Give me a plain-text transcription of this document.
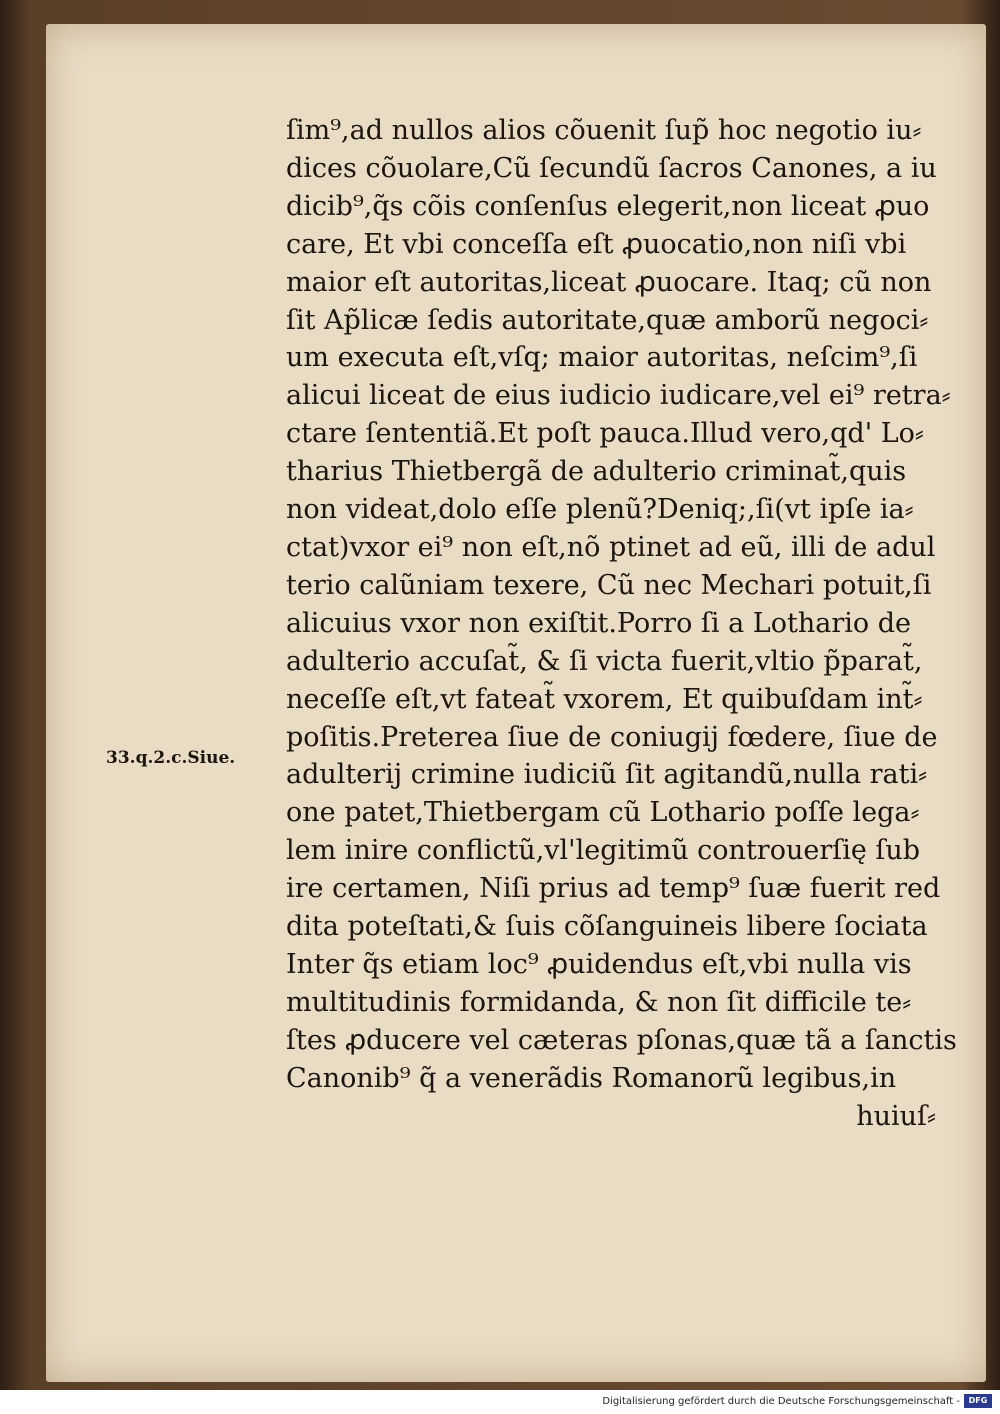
33.q.2.c.Siue.
ſim⁹,ad nullos alios cõuenit ſup̃ hoc negotio iu⸗
dices cõuolare,Cũ ſecundũ ſacros Canones, a iu
dicib⁹,q̃s cõis conſenſus elegerit,non liceat ꝓuo
care, Et vbi conceſſa eſt ꝓuocatio,non niſi vbi
maior eſt autoritas,liceat ꝓuocare. Itaq; cũ non
ſit Ap̃licæ ſedis autoritate,quæ amborũ negoci⸗
um executa eſt,vſq; maior autoritas, neſcim⁹,ſi
alicui liceat de eius iudicio iudicare,vel ei⁹ retra⸗
ctare ſententiã.Et poſt pauca.Illud vero,qd' Lo⸗
tharius Thietbergã de adulterio criminat̃,quis
non videat,dolo eſſe plenũ?Deniq;,ſi(vt ipſe ia⸗
ctat)vxor ei⁹ non eſt,nõ ptinet ad eũ, illi de adul
terio calũniam texere, Cũ nec Mechari potuit,ſi
alicuius vxor non exiſtit.Porro ſi a Lothario de
adulterio accuſat̃, & ſi victa fuerit,vltio p̃parat̃,
neceſſe eſt,vt fateat̃ vxorem, Et quibuſdam int̃⸗
poſitis.Preterea ſiue de coniugij fœdere, ſiue de
adulterij crimine iudiciũ ſit agitandũ,nulla rati⸗
one patet,Thietbergam cũ Lothario poſſe lega⸗
lem inire conflictũ,vl'legitimũ controuerſię ſub
ire certamen, Niſi prius ad temp⁹ ſuæ fuerit red
dita poteſtati,& ſuis cõſanguineis libere ſociata
Inter q̃s etiam loc⁹ ꝓuidendus eſt,vbi nulla vis
multitudinis formidanda, & non ſit difficile te⸗
ſtes ꝓducere vel cæteras pſonas,quæ tã a ſanctis
Canonib⁹ q̃ a venerãdis Romanorũ legibus,in
huiuſ⸗
Digitalisierung gefördert durch die Deutsche Forschungsgemeinschaft -	DFG
